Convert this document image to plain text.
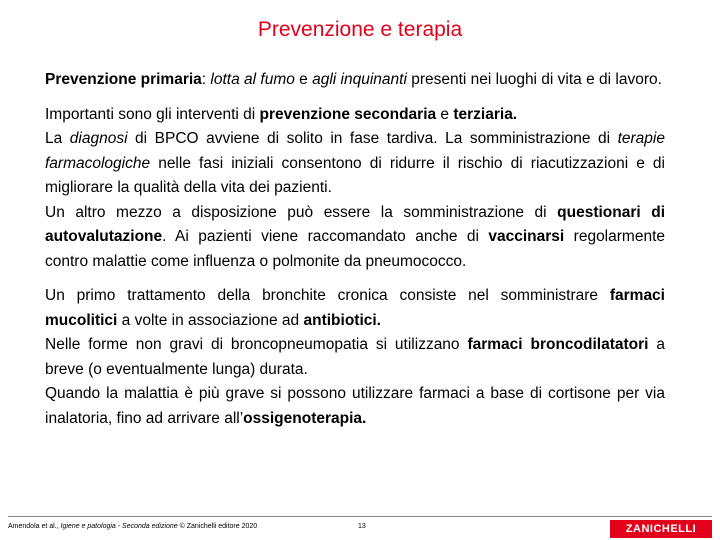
Prevenzione e terapia

Prevenzione primaria: lotta al fumo e agli inquinanti presenti nei luoghi di vita e di lavoro.

Importanti sono gli interventi di prevenzione secondaria e terziaria.
La diagnosi di BPCO avviene di solito in fase tardiva. La somministrazione di terapie farmacologiche nelle fasi iniziali consentono di ridurre il rischio di riacutizzazioni e di migliorare la qualità della vita dei pazienti.
Un altro mezzo a disposizione può essere la somministrazione di questionari di autovalutazione. Ai pazienti viene raccomandato anche di vaccinarsi regolarmente contro malattie come influenza o polmonite da pneumococco.

Un primo trattamento della bronchite cronica consiste nel somministrare farmaci mucolitici a volte in associazione ad antibiotici.
Nelle forme non gravi di broncopneumopatia si utilizzano farmaci broncodilatatori a breve (o eventualmente lunga) durata.
Quando la malattia è più grave si possono utilizzare farmaci a base di cortisone per via inalatoria, fino ad arrivare all’ossigenoterapia.

Amendola et al., Igiene e patologia - Seconda edizione © Zanichelli editore 2020	13	ZANICHELLI
